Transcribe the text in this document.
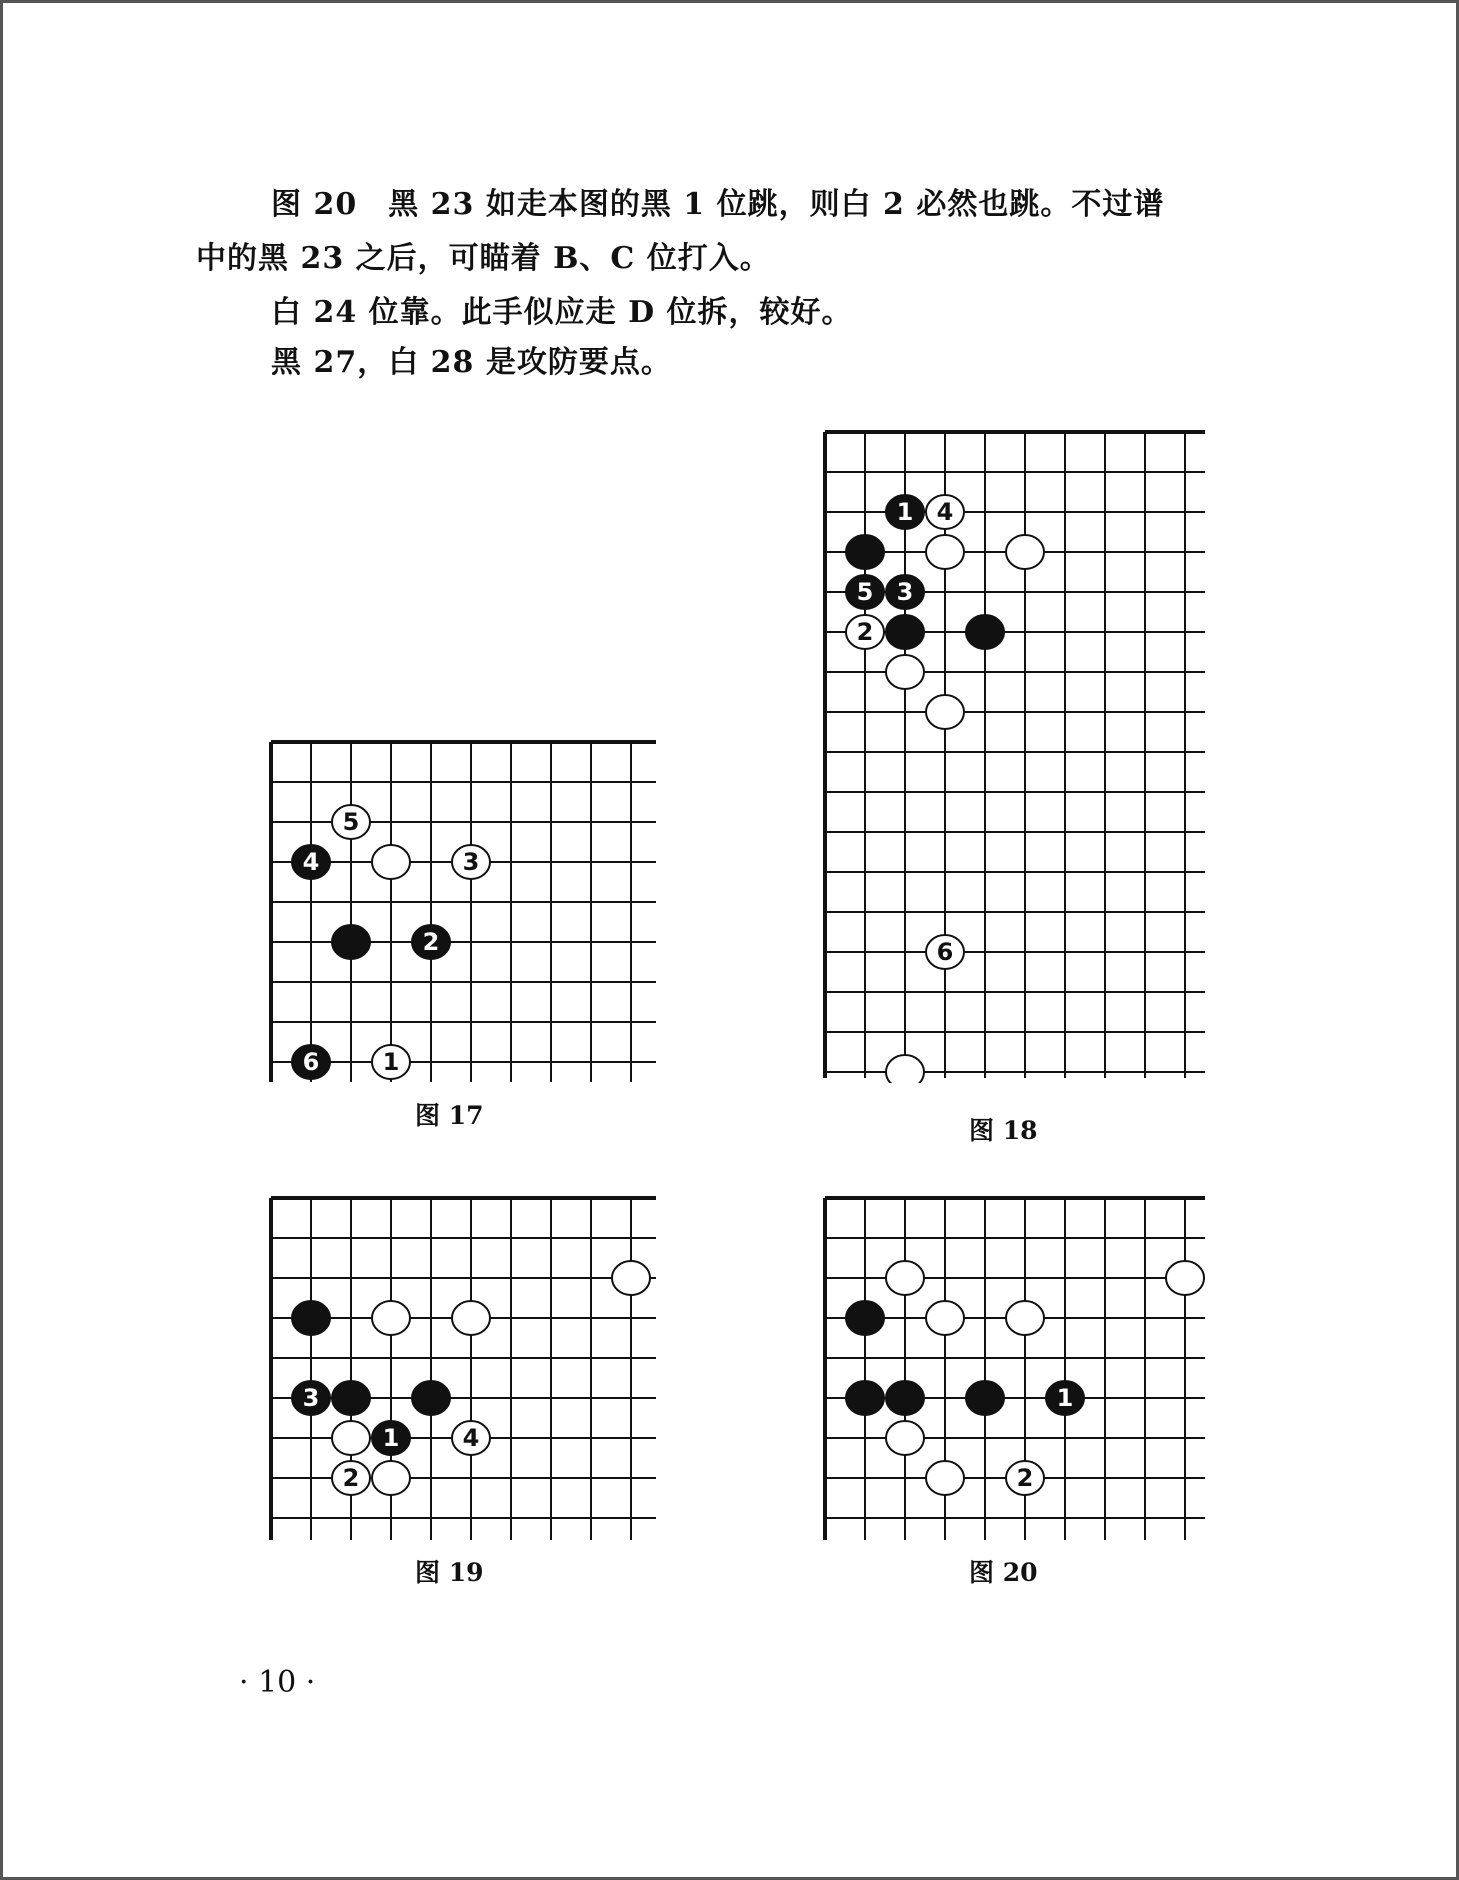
图 20　黑 23 如走本图的黑 1 位跳，则白 2 必然也跳。不过谱
中的黑 23 之后，可瞄着 B、C 位打入。
白 24 位靠。此手似应走 D 位拆，较好。
黑 27，白 28 是攻防要点。
4
2
6
5
3
1
图 17
1 4
5 3
2
6
图 18
3
1	4
2
图 19
1
2
图 20
· 10 ·
